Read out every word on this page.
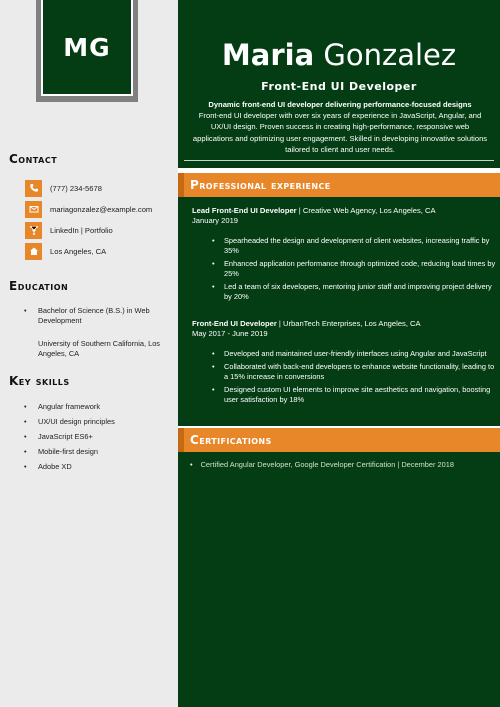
MG	Maria Gonzalez
Front-End UI Developer
Dynamic front-end UI developer delivering performance-focused designs
Front-end UI developer with over six years of experience in JavaScript, Angular, and UX/UI design. Proven success in creating high-performance, responsive web applications and optimizing user engagement. Skilled in developing innovative solutions tailored to client and user needs.
Contact
(777) 234-5678
mariagonzalez@example.com
LinkedIn | Portfolio
Los Angeles, CA
Education
• Bachelor of Science (B.S.) in Web Development
University of Southern California, Los Angeles, CA
Key skills
• Angular framework
• UX/UI design principles
• JavaScript ES6+
• Mobile-first design
• Adobe XD
Professional experience
Lead Front-End UI Developer | Creative Web Agency, Los Angeles, CA
January 2019
• Spearheaded the design and development of client websites, increasing traffic by 35%
• Enhanced application performance through optimized code, reducing load times by 25%
• Led a team of six developers, mentoring junior staff and improving project delivery by 20%
Front-End UI Developer | UrbanTech Enterprises, Los Angeles, CA
May 2017 - June 2019
• Developed and maintained user-friendly interfaces using Angular and JavaScript
• Collaborated with back-end developers to enhance website functionality, leading to a 15% increase in conversions
• Designed custom UI elements to improve site aesthetics and navigation, boosting user satisfaction by 18%
Certifications
• Certified Angular Developer, Google Developer Certification | December 2018
